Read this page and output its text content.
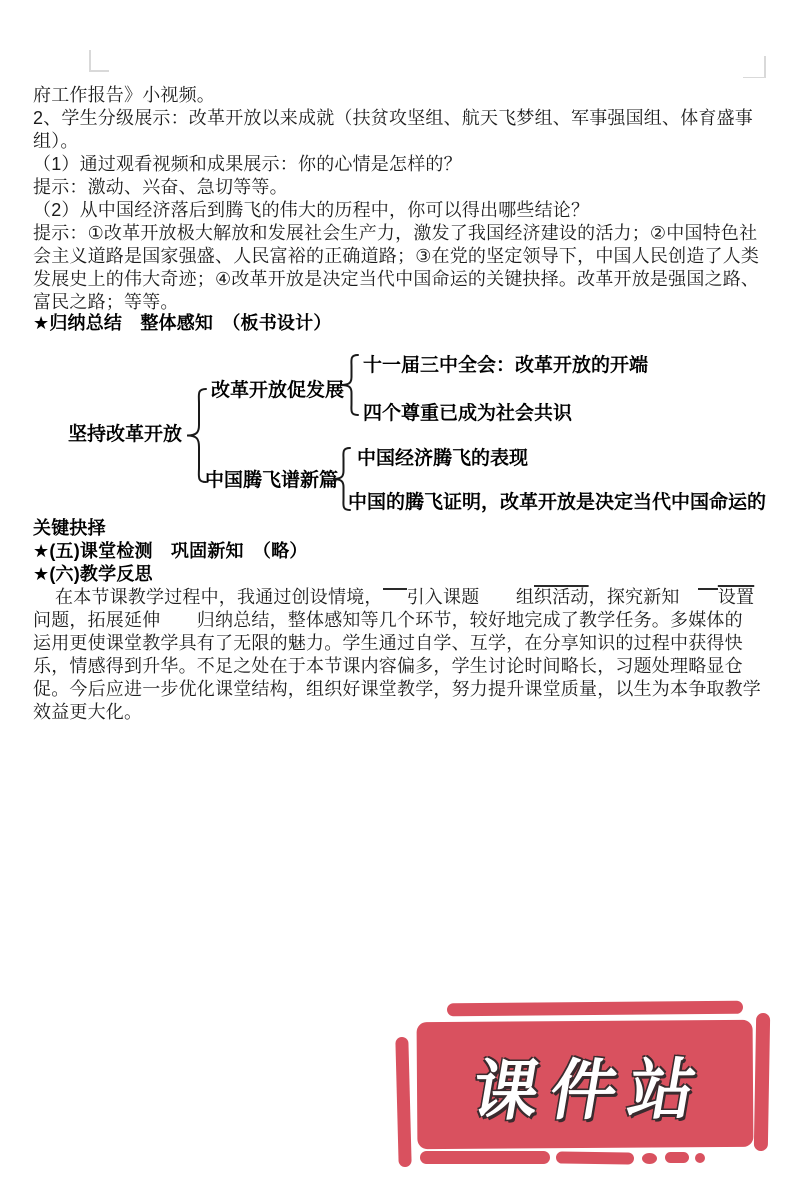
府工作报告》小视频。
2、学生分级展示：改革开放以来成就（扶贫攻坚组、航天飞梦组、军事强国组、体育盛事
组）。
（1）通过观看视频和成果展示：你的心情是怎样的？
提示：激动、兴奋、急切等等。
（2）从中国经济落后到腾飞的伟大的历程中，你可以得出哪些结论？
提示：①改革开放极大解放和发展社会生产力，激发了我国经济建设的活力；②中国特色社
会主义道路是国家强盛、人民富裕的正确道路；③在党的坚定领导下，中国人民创造了人类
发展史上的伟大奇迹；④改革开放是决定当代中国命运的关键抉择。改革开放是强国之路、
富民之路；等等。
★归纳总结　整体感知　（板书设计）
坚持改革开放
改革开放促发展
十一届三中全会：改革开放的开端
四个尊重已成为社会共识
中国腾飞谱新篇
中国经济腾飞的表现
中国的腾飞证明，改革开放是决定当代中国命运的
关键抉择
★(五)课堂检测　巩固新知　（略）
★(六)教学反思
在本节课教学过程中，我通过创设情境， 引入课题　　组织活动，探究新知　设置
问题，拓展延伸　　归纳总结，整体感知等几个环节，较好地完成了教学任务。多媒体的
运用更使课堂教学具有了无限的魅力。学生通过自学、互学，在分享知识的过程中获得快
乐，情感得到升华。不足之处在于本节课内容偏多，学生讨论时间略长，习题处理略显仓
促。今后应进一步优化课堂结构，组织好课堂教学，努力提升课堂质量，以生为本争取教学
效益更大化。
课件站
